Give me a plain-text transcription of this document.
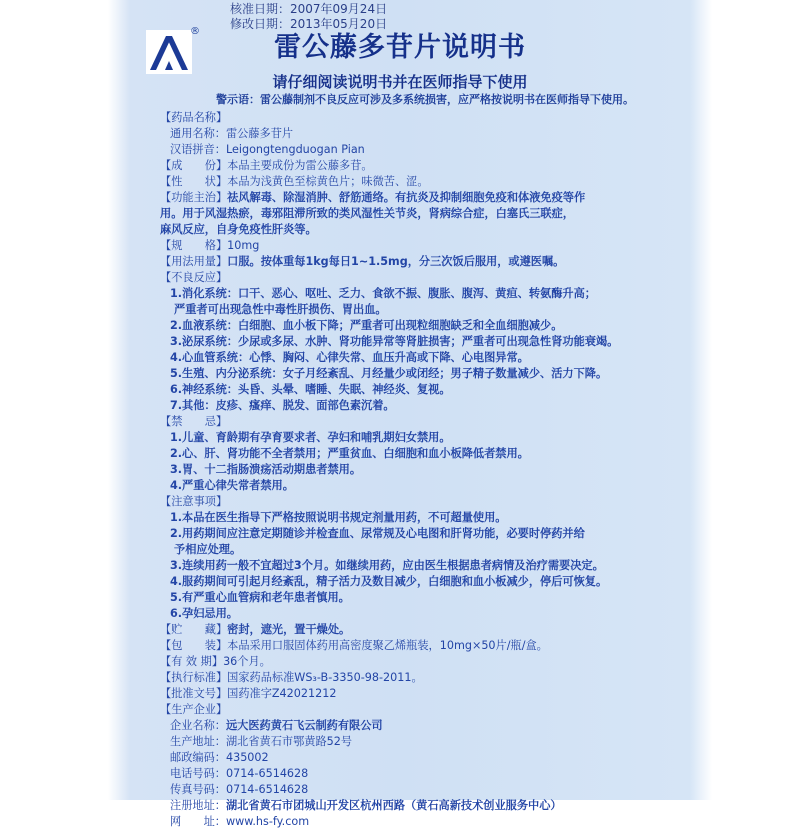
核准日期：2007年09月24日
修改日期：2013年05月20日
®
雷公藤多苷片说明书
请仔细阅读说明书并在医师指导下使用
警示语：雷公藤制剂不良反应可涉及多系统损害，应严格按说明书在医师指导下使用。
【药品名称】
通用名称：雷公藤多苷片
汉语拼音：Leigongtengduogan Pian
【成　　份】本品主要成份为雷公藤多苷。
【性　　状】本品为浅黄色至棕黄色片；味微苦、涩。
【功能主治】祛风解毒、除湿消肿、舒筋通络。有抗炎及抑制细胞免疫和体液免疫等作
用。用于风湿热瘀，毒邪阻滞所致的类风湿性关节炎，肾病综合症，白塞氏三联症，
麻风反应，自身免疫性肝炎等。
【规　　格】10mg
【用法用量】口服。按体重每1kg每日1~1.5mg，分三次饭后服用，或遵医嘱。
【不良反应】
1.消化系统：口干、恶心、呕吐、乏力、食欲不振、腹胀、腹泻、黄疸、转氨酶升高；
严重者可出现急性中毒性肝损伤、胃出血。
2.血液系统：白细胞、血小板下降；严重者可出现粒细胞缺乏和全血细胞减少。
3.泌尿系统：少尿或多尿、水肿、肾功能异常等肾脏损害；严重者可出现急性肾功能衰竭。
4.心血管系统：心悸、胸闷、心律失常、血压升高或下降、心电图异常。
5.生殖、内分泌系统：女子月经紊乱、月经量少或闭经；男子精子数量减少、活力下降。
6.神经系统：头昏、头晕、嗜睡、失眠、神经炎、复视。
7.其他：皮疹、瘙痒、脱发、面部色素沉着。
【禁　　忌】
1.儿童、育龄期有孕育要求者、孕妇和哺乳期妇女禁用。
2.心、肝、肾功能不全者禁用；严重贫血、白细胞和血小板降低者禁用。
3.胃、十二指肠溃疡活动期患者禁用。
4.严重心律失常者禁用。
【注意事项】
1.本品在医生指导下严格按照说明书规定剂量用药，不可超量使用。
2.用药期间应注意定期随诊并检查血、尿常规及心电图和肝肾功能，必要时停药并给
予相应处理。
3.连续用药一般不宜超过3个月。如继续用药，应由医生根据患者病情及治疗需要决定。
4.服药期间可引起月经紊乱，精子活力及数目减少，白细胞和血小板减少，停后可恢复。
5.有严重心血管病和老年患者慎用。
6.孕妇忌用。
【贮　　藏】密封，遮光，置干燥处。
【包　　装】本品采用口服固体药用高密度聚乙烯瓶装，10mg×50片/瓶/盒。
【有 效 期】36个月。
【执行标准】国家药品标准WS₃-B-3350-98-2011。
【批准文号】国药准字Z42021212
【生产企业】
企业名称：远大医药黄石飞云制药有限公司
生产地址：湖北省黄石市鄂黄路52号
邮政编码：435002
电话号码：0714-6514628
传真号码：0714-6514628
注册地址：湖北省黄石市团城山开发区杭州西路（黄石高新技术创业服务中心）
网　　址：www.hs-fy.com
